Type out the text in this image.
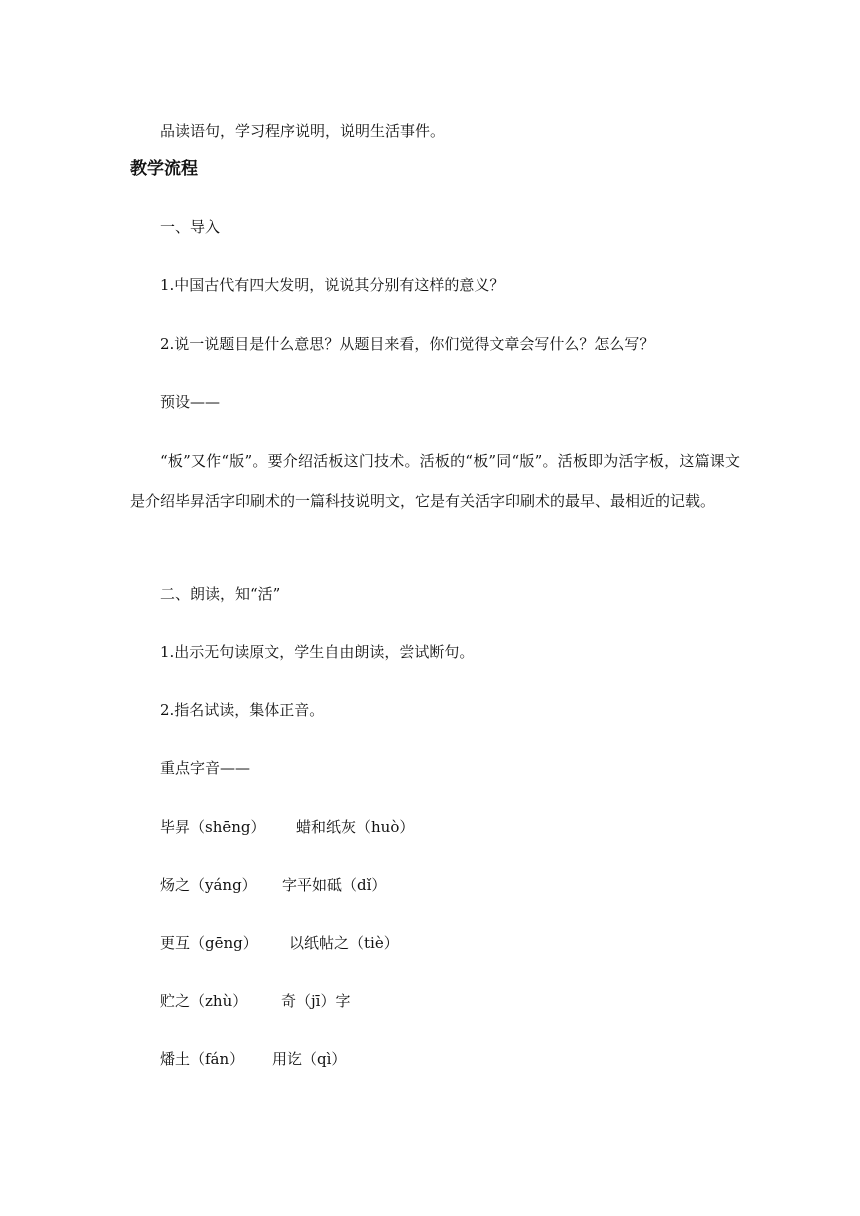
品读语句，学习程序说明，说明生活事件。
教学流程
一、导入
1.中国古代有四大发明，说说其分别有这样的意义？
2.说一说题目是什么意思？从题目来看，你们觉得文章会写什么？怎么写？
预设——
“板”又作“版”。要介绍活板这门技术。活板的“板”同“版”。活板即为活字板，这篇课文是介绍毕昇活字印刷术的一篇科技说明文，它是有关活字印刷术的最早、最相近的记载。
二、朗读，知“活”
1.出示无句读原文，学生自由朗读，尝试断句。
2.指名试读，集体正音。
重点字音——
毕昇（shēng） 蜡和纸灰（huò）
炀之（yáng） 字平如砥（dǐ）
更互（gēng） 以纸帖之（tiè）
贮之（zhù） 奇（jī）字
燔土（fán） 用讫（qì）
